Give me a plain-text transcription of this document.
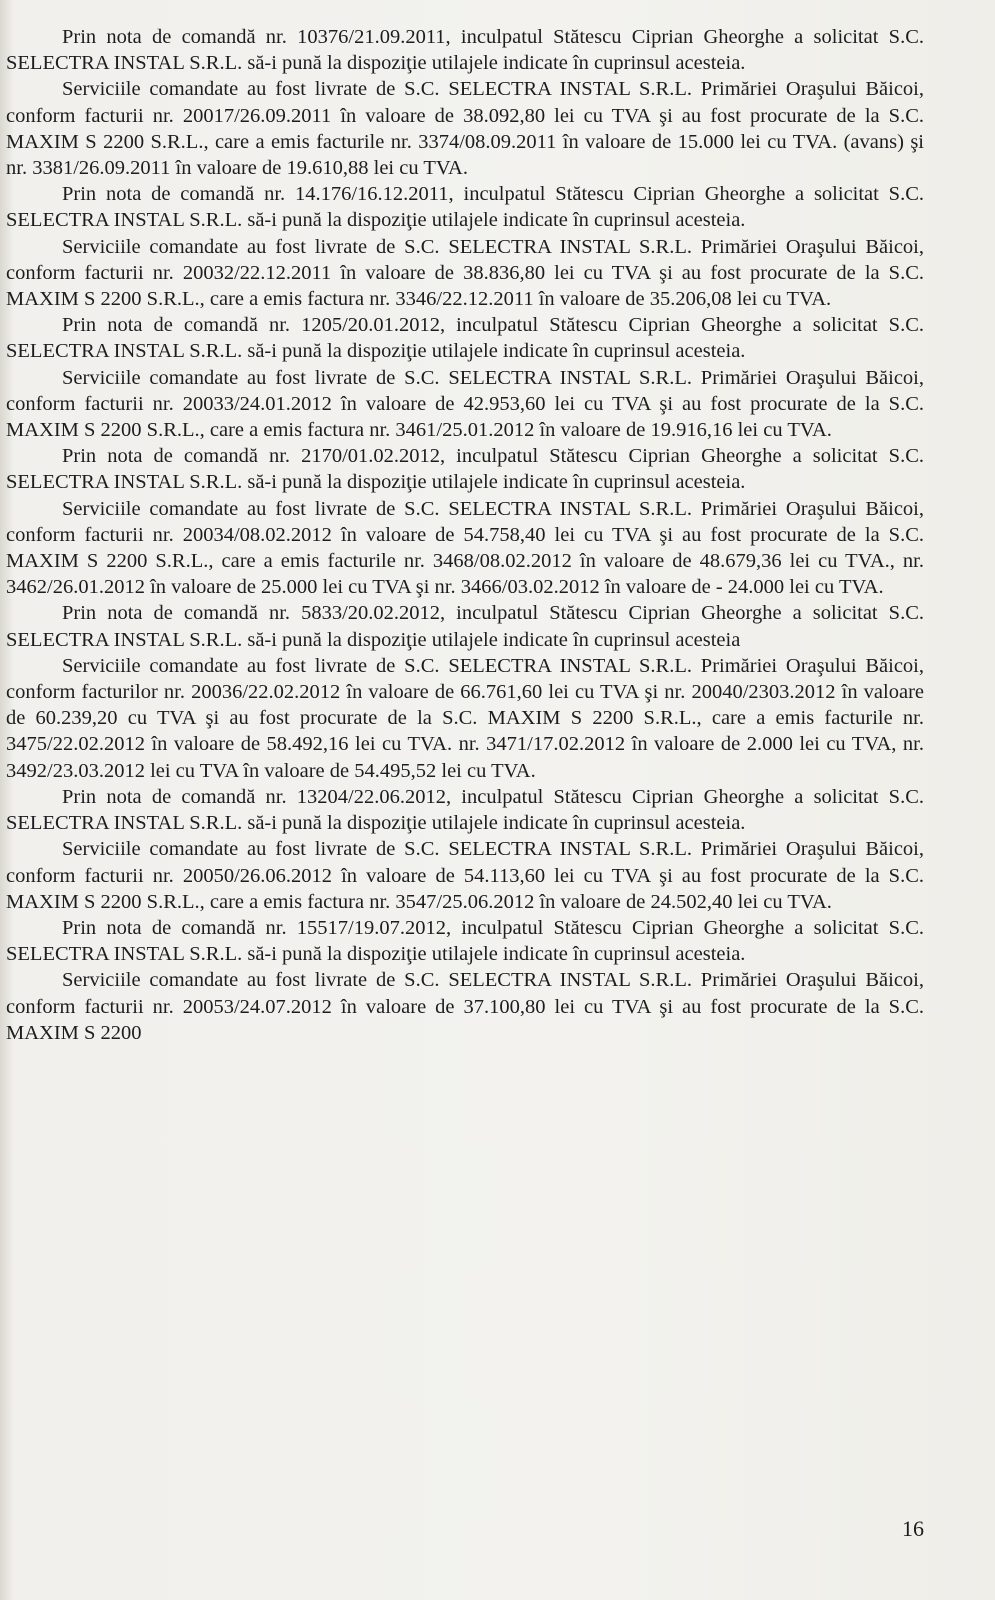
Prin nota de comandă nr. 10376/21.09.2011, inculpatul Stătescu Ciprian Gheorghe a solicitat S.C. SELECTRA INSTAL S.R.L. să-i pună la dispoziţie utilajele indicate în cuprinsul acesteia.

Serviciile comandate au fost livrate de S.C. SELECTRA INSTAL S.R.L. Primăriei Oraşului Băicoi, conform facturii nr. 20017/26.09.2011 în valoare de 38.092,80 lei cu TVA şi au fost procurate de la S.C. MAXIM S 2200 S.R.L., care a emis facturile nr. 3374/08.09.2011 în valoare de 15.000 lei cu TVA. (avans) şi nr. 3381/26.09.2011 în valoare de 19.610,88 lei cu TVA.

Prin nota de comandă nr. 14.176/16.12.2011, inculpatul Stătescu Ciprian Gheorghe a solicitat S.C. SELECTRA INSTAL S.R.L. să-i pună la dispoziţie utilajele indicate în cuprinsul acesteia.

Serviciile comandate au fost livrate de S.C. SELECTRA INSTAL S.R.L. Primăriei Oraşului Băicoi, conform facturii nr. 20032/22.12.2011 în valoare de 38.836,80 lei cu TVA şi au fost procurate de la S.C. MAXIM S 2200 S.R.L., care a emis factura nr. 3346/22.12.2011 în valoare de 35.206,08 lei cu TVA.

Prin nota de comandă nr. 1205/20.01.2012, inculpatul Stătescu Ciprian Gheorghe a solicitat S.C. SELECTRA INSTAL S.R.L. să-i pună la dispoziţie utilajele indicate în cuprinsul acesteia.

Serviciile comandate au fost livrate de S.C. SELECTRA INSTAL S.R.L. Primăriei Oraşului Băicoi, conform facturii nr. 20033/24.01.2012 în valoare de 42.953,60 lei cu TVA şi au fost procurate de la S.C. MAXIM S 2200 S.R.L., care a emis factura nr. 3461/25.01.2012 în valoare de 19.916,16 lei cu TVA.

Prin nota de comandă nr. 2170/01.02.2012, inculpatul Stătescu Ciprian Gheorghe a solicitat S.C. SELECTRA INSTAL S.R.L. să-i pună la dispoziţie utilajele indicate în cuprinsul acesteia.

Serviciile comandate au fost livrate de S.C. SELECTRA INSTAL S.R.L. Primăriei Oraşului Băicoi, conform facturii nr. 20034/08.02.2012 în valoare de 54.758,40 lei cu TVA şi au fost procurate de la S.C. MAXIM S 2200 S.R.L., care a emis facturile nr. 3468/08.02.2012 în valoare de 48.679,36 lei cu TVA., nr. 3462/26.01.2012 în valoare de 25.000 lei cu TVA şi nr. 3466/03.02.2012 în valoare de - 24.000 lei cu TVA.

Prin nota de comandă nr. 5833/20.02.2012, inculpatul Stătescu Ciprian Gheorghe a solicitat S.C. SELECTRA INSTAL S.R.L. să-i pună la dispoziţie utilajele indicate în cuprinsul acesteia

Serviciile comandate au fost livrate de S.C. SELECTRA INSTAL S.R.L. Primăriei Oraşului Băicoi, conform facturilor nr. 20036/22.02.2012 în valoare de 66.761,60 lei cu TVA şi nr. 20040/2303.2012 în valoare de 60.239,20 cu TVA şi au fost procurate de la S.C. MAXIM S 2200 S.R.L., care a emis facturile nr. 3475/22.02.2012 în valoare de 58.492,16 lei cu TVA. nr. 3471/17.02.2012 în valoare de 2.000 lei cu TVA, nr. 3492/23.03.2012 lei cu TVA în valoare de 54.495,52 lei cu TVA.

Prin nota de comandă nr. 13204/22.06.2012, inculpatul Stătescu Ciprian Gheorghe a solicitat S.C. SELECTRA INSTAL S.R.L. să-i pună la dispoziţie utilajele indicate în cuprinsul acesteia.

Serviciile comandate au fost livrate de S.C. SELECTRA INSTAL S.R.L. Primăriei Oraşului Băicoi, conform facturii nr. 20050/26.06.2012 în valoare de 54.113,60 lei cu TVA şi au fost procurate de la S.C. MAXIM S 2200 S.R.L., care a emis factura nr. 3547/25.06.2012 în valoare de 24.502,40 lei cu TVA.

Prin nota de comandă nr. 15517/19.07.2012, inculpatul Stătescu Ciprian Gheorghe a solicitat S.C. SELECTRA INSTAL S.R.L. să-i pună la dispoziţie utilajele indicate în cuprinsul acesteia.

Serviciile comandate au fost livrate de S.C. SELECTRA INSTAL S.R.L. Primăriei Oraşului Băicoi, conform facturii nr. 20053/24.07.2012 în valoare de 37.100,80 lei cu TVA şi au fost procurate de la S.C. MAXIM S 2200

16
